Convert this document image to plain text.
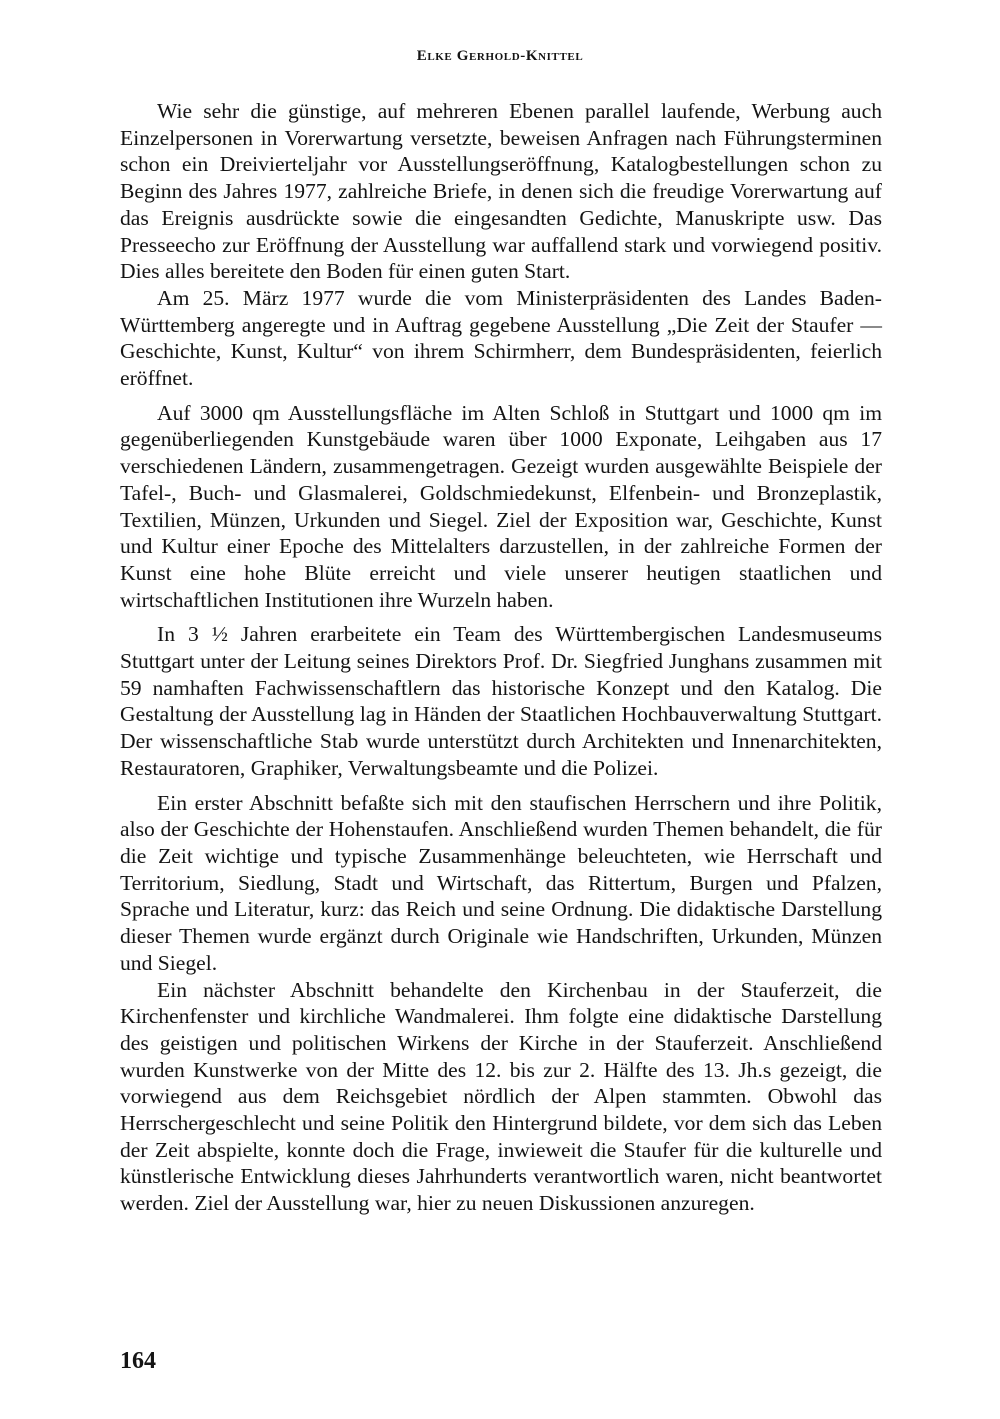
Elke Gerhold-Knittel

Wie sehr die günstige, auf mehreren Ebenen parallel laufende, Werbung auch Einzelpersonen in Vorerwartung versetzte, beweisen Anfragen nach Führungsterminen schon ein Dreivierteljahr vor Ausstellungseröffnung, Katalogbestellungen schon zu Beginn des Jahres 1977, zahlreiche Briefe, in denen sich die freudige Vorerwartung auf das Ereignis ausdrückte sowie die eingesandten Gedichte, Manuskripte usw. Das Presseecho zur Eröffnung der Ausstellung war auffallend stark und vorwiegend positiv. Dies alles bereitete den Boden für einen guten Start.

Am 25. März 1977 wurde die vom Ministerpräsidenten des Landes Baden-Württemberg angeregte und in Auftrag gegebene Ausstellung „Die Zeit der Staufer — Geschichte, Kunst, Kultur“ von ihrem Schirmherr, dem Bundespräsidenten, feierlich eröffnet.

Auf 3000 qm Ausstellungsfläche im Alten Schloß in Stuttgart und 1000 qm im gegenüberliegenden Kunstgebäude waren über 1000 Exponate, Leihgaben aus 17 verschiedenen Ländern, zusammengetragen. Gezeigt wurden ausgewählte Beispiele der Tafel-, Buch- und Glasmalerei, Goldschmiedekunst, Elfenbein- und Bronzeplastik, Textilien, Münzen, Urkunden und Siegel. Ziel der Exposition war, Geschichte, Kunst und Kultur einer Epoche des Mittelalters darzustellen, in der zahlreiche Formen der Kunst eine hohe Blüte erreicht und viele unserer heutigen staatlichen und wirtschaftlichen Institutionen ihre Wurzeln haben.

In 3 ½ Jahren erarbeitete ein Team des Württembergischen Landesmuseums Stuttgart unter der Leitung seines Direktors Prof. Dr. Siegfried Junghans zusammen mit 59 namhaften Fachwissenschaftlern das historische Konzept und den Katalog. Die Gestaltung der Ausstellung lag in Händen der Staatlichen Hochbauverwaltung Stuttgart. Der wissenschaftliche Stab wurde unterstützt durch Architekten und Innenarchitekten, Restauratoren, Graphiker, Verwaltungsbeamte und die Polizei.

Ein erster Abschnitt befaßte sich mit den staufischen Herrschern und ihre Politik, also der Geschichte der Hohenstaufen. Anschließend wurden Themen behandelt, die für die Zeit wichtige und typische Zusammenhänge beleuchteten, wie Herrschaft und Territorium, Siedlung, Stadt und Wirtschaft, das Rittertum, Burgen und Pfalzen, Sprache und Literatur, kurz: das Reich und seine Ordnung. Die didaktische Darstellung dieser Themen wurde ergänzt durch Originale wie Handschriften, Urkunden, Münzen und Siegel.

Ein nächster Abschnitt behandelte den Kirchenbau in der Stauferzeit, die Kirchenfenster und kirchliche Wandmalerei. Ihm folgte eine didaktische Darstellung des geistigen und politischen Wirkens der Kirche in der Stauferzeit. Anschließend wurden Kunstwerke von der Mitte des 12. bis zur 2. Hälfte des 13. Jh.s gezeigt, die vorwiegend aus dem Reichsgebiet nördlich der Alpen stammten. Obwohl das Herrschergeschlecht und seine Politik den Hintergrund bildete, vor dem sich das Leben der Zeit abspielte, konnte doch die Frage, inwieweit die Staufer für die kulturelle und künstlerische Entwicklung dieses Jahrhunderts verantwortlich waren, nicht beantwortet werden. Ziel der Ausstellung war, hier zu neuen Diskussionen anzuregen.

164
